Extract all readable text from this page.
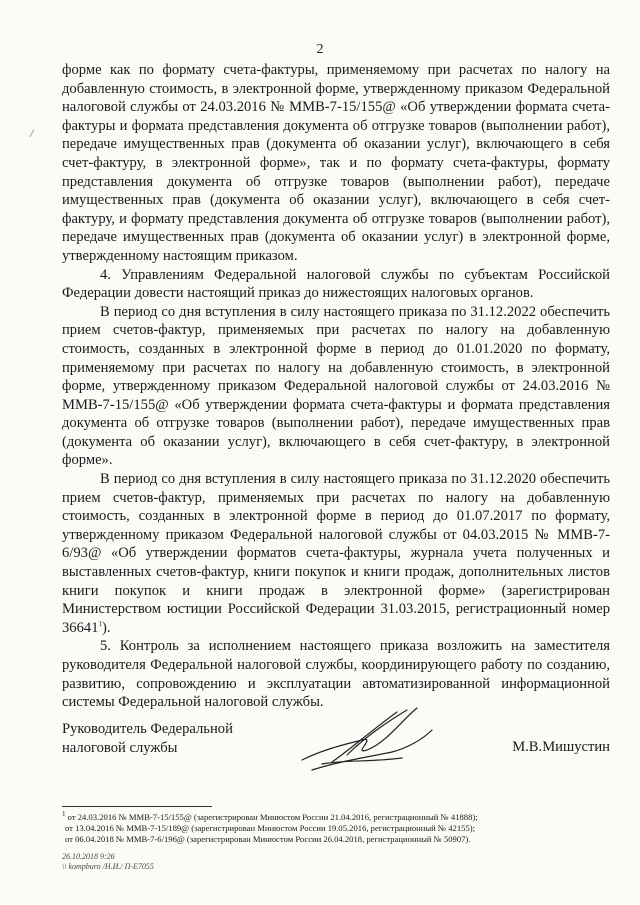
2
/

форме как по формату счета-фактуры, применяемому при расчетах по налогу на добавленную стоимость, в электронной форме, утвержденному приказом Федеральной налоговой службы от 24.03.2016 № ММВ-7-15/155@ «Об утверждении формата счета-фактуры и формата представления документа об отгрузке товаров (выполнении работ), передаче имущественных прав (документа об оказании услуг), включающего в себя счет-фактуру, в электронной форме», так и по формату счета-фактуры, формату представления документа об отгрузке товаров (выполнении работ), передаче имущественных прав (документа об оказании услуг), включающего в себя счет-фактуру, и формату представления документа об отгрузке товаров (выполнении работ), передаче имущественных прав (документа об оказании услуг) в электронной форме, утвержденному настоящим приказом.

4. Управлениям Федеральной налоговой службы по субъектам Российской Федерации довести настоящий приказ до нижестоящих налоговых органов.

В период со дня вступления в силу настоящего приказа по 31.12.2022 обеспечить прием счетов-фактур, применяемых при расчетах по налогу на добавленную стоимость, созданных в электронной форме в период до 01.01.2020 по формату, применяемому при расчетах по налогу на добавленную стоимость, в электронной форме, утвержденному приказом Федеральной налоговой службы от 24.03.2016 № ММВ-7-15/155@ «Об утверждении формата счета-фактуры и формата представления документа об отгрузке товаров (выполнении работ), передаче имущественных прав (документа об оказании услуг), включающего в себя счет-фактуру, в электронной форме».

В период со дня вступления в силу настоящего приказа по 31.12.2020 обеспечить прием счетов-фактур, применяемых при расчетах по налогу на добавленную стоимость, созданных в электронной форме в период до 01.07.2017 по формату, утвержденному приказом Федеральной налоговой службы от 04.03.2015 № ММВ-7-6/93@ «Об утверждении форматов счета-фактуры, журнала учета полученных и выставленных счетов-фактур, книги покупок и книги продаж, дополнительных листов книги покупок и книги продаж в электронной форме» (зарегистрирован Министерством юстиции Российской Федерации 31.03.2015, регистрационный номер 36641$^1$).

5. Контроль за исполнением настоящего приказа возложить на заместителя руководителя Федеральной налоговой службы, координирующего работу по созданию, развитию, сопровождению и эксплуатации автоматизированной информационной системы Федеральной налоговой службы.

Руководитель Федеральной
налоговой службы	М.В.Мишустин
$^1$ от 24.03.2016 № ММВ-7-15/155@ (зарегистрирован Минюстом России 21.04.2016, регистрационный № 41888);
от 13.04.2016 № ММВ-7-15/189@ (зарегистрирован Минюстом России 19.05.2016, регистрационный № 42155);
от 06.04.2018 № ММВ-7-6/196@ (зарегистрирован Минюстом России 26.04.2018, регистрационный № 50907).
26.10.2018 9:26
\\ kompburo /Н.И./ П-Е7055
